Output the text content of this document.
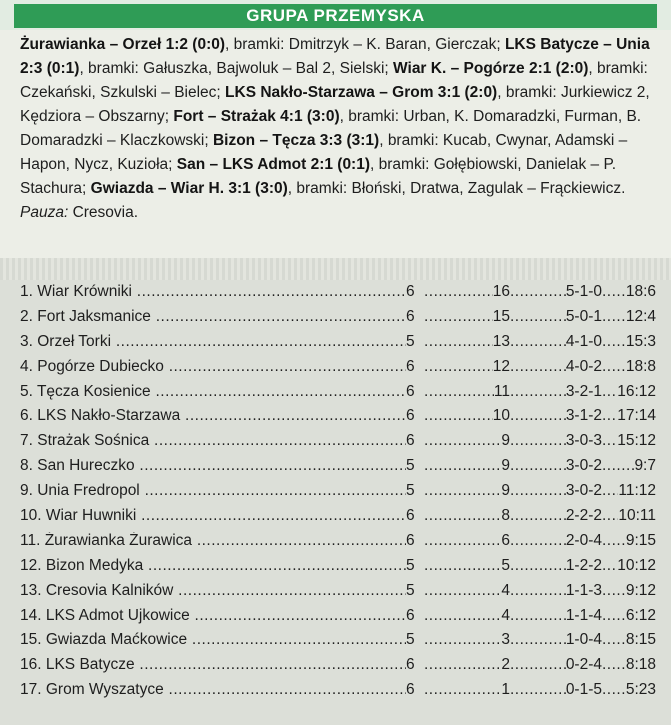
GRUPA PRZEMYSKA

Żurawianka – Orzeł 1:2 (0:0), bramki: Dmitrzyk – K. Baran, Gierczak; LKS Batycze – Unia 2:3 (0:1), bramki: Gałuszka, Bajwoluk – Bal 2, Sielski; Wiar K. – Pogórze 2:1 (2:0), bramki: Czekański, Szkulski – Bielec; LKS Nakło-Starzawa – Grom 3:1 (2:0), bramki: Jurkiewicz 2, Kędziora – Obszarny; Fort – Strażak 4:1 (3:0), bramki: Urban, K. Domaradzki, Furman, B. Domaradzki – Klaczkowski; Bizon – Tęcza 3:3 (3:1), bramki: Kucab, Cwynar, Adamski – Hapon, Nycz, Kuzioła; San – LKS Admot 2:1 (0:1), bramki: Gołębiowski, Danielak – P. Stachura; Gwiazda – Wiar H. 3:1 (3:0), bramki: Błoński, Dratwa, Zagulak – Frąckiewicz. Pauza: Cresovia.

1. Wiar Krówniki .....	6 .....	16 .....	5-1-0 ..... 18:6
2. Fort Jaksmanice .....	6 .....	15 .....	5-0-1 ..... 12:4
3. Orzeł Torki .....	5 .....	13 .....	4-1-0 ..... 15:3
4. Pogórze Dubiecko .....	6 .....	12 .....	4-0-2 ..... 18:8
5. Tęcza Kosienice .....	6 .....	11 .....	3-2-1 ..... 16:12
6. LKS Nakło-Starzawa .....	6 .....	10 .....	3-1-2 ..... 17:14
7. Strażak Sośnica .....	6 .....	9 .....	3-0-3 ..... 15:12
8. San Hureczko .....	5 .....	9 .....	3-0-2 ..... 9:7
9. Unia Fredropol .....	5 .....	9 .....	3-0-2 ..... 11:12
10. Wiar Huwniki .....	6 .....	8 .....	2-2-2 ..... 10:11
11. Żurawianka Żurawica .....	6 .....	6 .....	2-0-4 ..... 9:15
12. Bizon Medyka .....	5 .....	5 .....	1-2-2 ..... 10:12
13. Cresovia Kalników .....	5 .....	4 .....	1-1-3 ..... 9:12
14. LKS Admot Ujkowice .....	6 .....	4 .....	1-1-4 ..... 6:12
15. Gwiazda Maćkowice .....	5 .....	3 .....	1-0-4 ..... 8:15
16. LKS Batycze .....	6 .....	2 .....	0-2-4 ..... 8:18
17. Grom Wyszatyce .....	6 .....	1 .....	0-1-5 ..... 5:23
